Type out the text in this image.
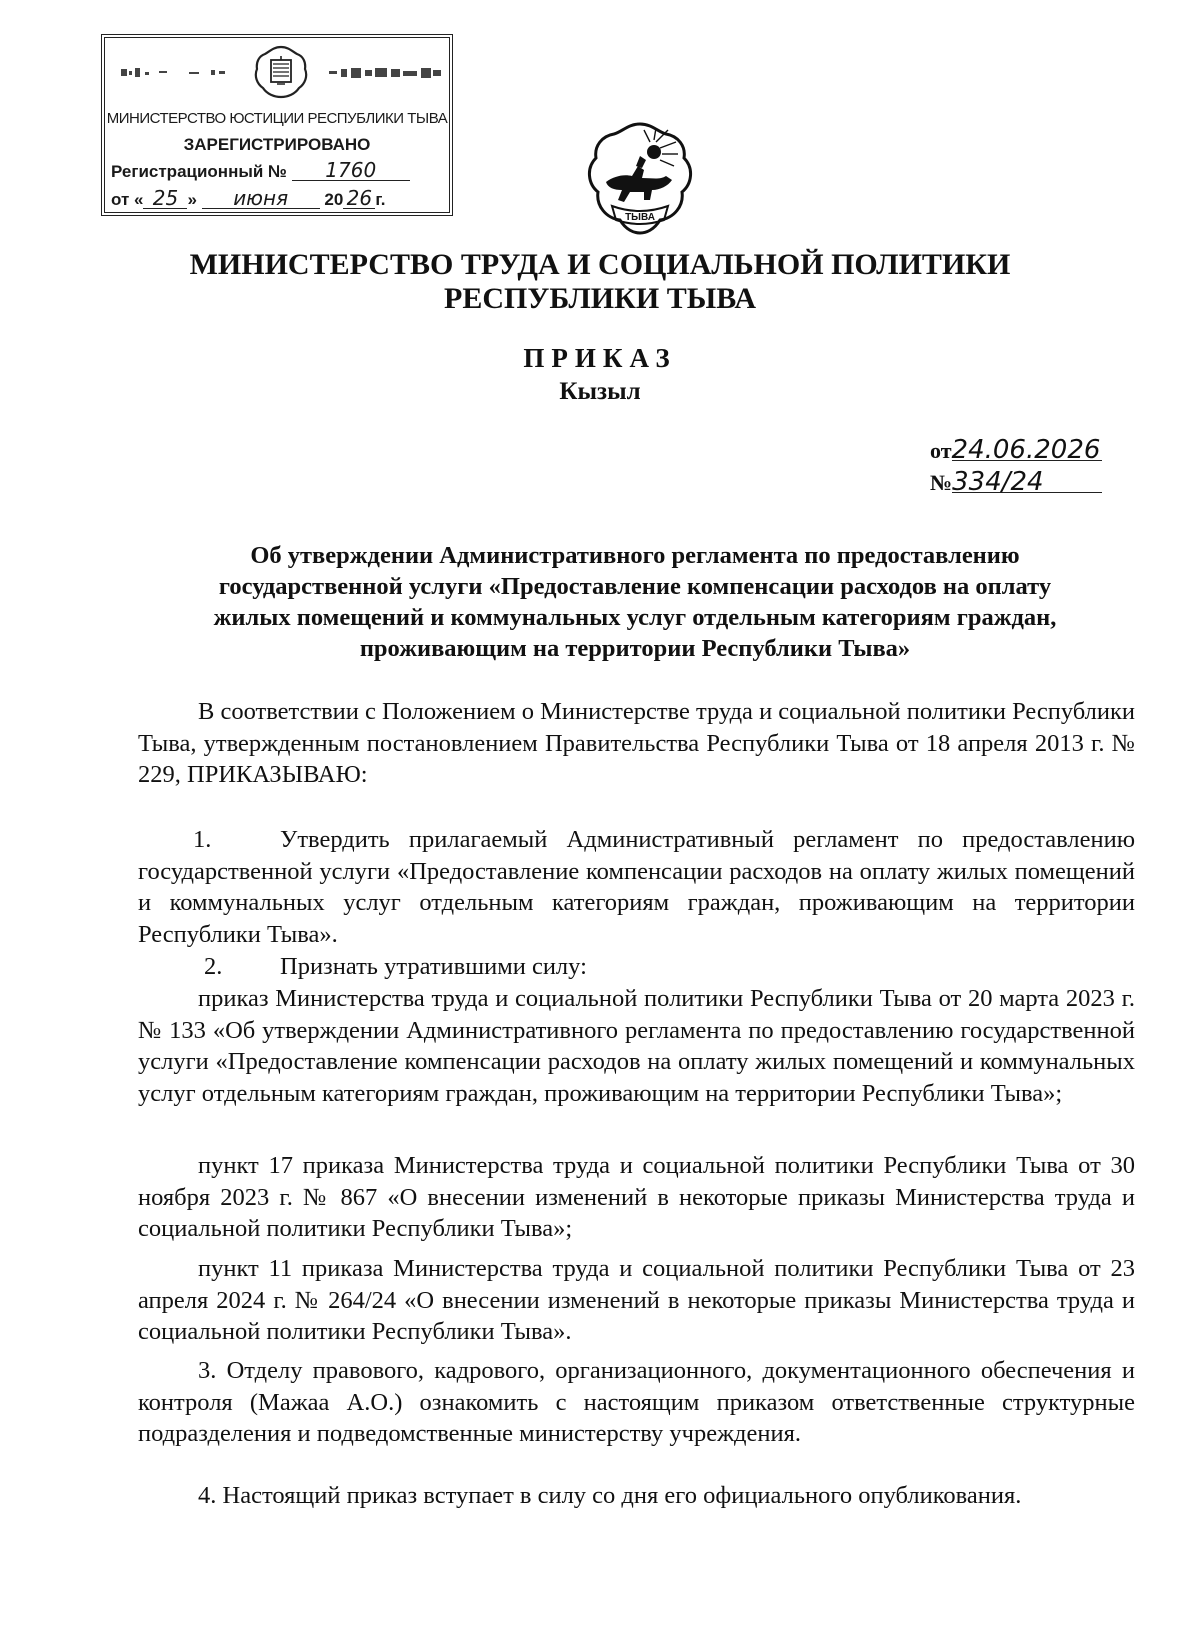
МИНИСТЕРСТВО ЮСТИЦИИ РЕСПУБЛИКИ ТЫВА
ЗАРЕГИСТРИРОВАНО
Регистрационный № 1760
от « 25 » июня 20 26 г.
ТЫВА
МИНИСТЕРСТВО ТРУДА И СОЦИАЛЬНОЙ ПОЛИТИКИ
РЕСПУБЛИКИ ТЫВА
ПРИКАЗ
Кызыл
от24.06.2026
№334/24
Об утверждении Административного регламента по предоставлению
государственной услуги «Предоставление компенсации расходов на оплату
жилых помещений и коммунальных услуг отдельным категориям граждан,
проживающим на территории Республики Тыва»
В соответствии с Положением о Министерстве труда и социальной политики Республики Тыва, утвержденным постановлением Правительства Республики Тыва от 18 апреля 2013 г. № 229, ПРИКАЗЫВАЮ:
1.	Утвердить прилагаемый Административный регламент по предоставлению государственной услуги «Предоставление компенсации расходов на оплату жилых помещений и коммунальных услуг отдельным категориям граждан, проживающим на территории Республики Тыва».
2. Признать утратившими силу:
приказ Министерства труда и социальной политики Республики Тыва от 20 марта 2023 г. № 133 «Об утверждении Административного регламента по предоставлению государственной услуги «Предоставление компенсации расходов на оплату жилых помещений и коммунальных услуг отдельным категориям граждан, проживающим на территории Республики Тыва»;
пункт 17 приказа Министерства труда и социальной политики Республики Тыва от 30 ноября 2023 г. № 867 «О внесении изменений в некоторые приказы Министерства труда и социальной политики Республики Тыва»;
пункт 11 приказа Министерства труда и социальной политики Республики Тыва от 23 апреля 2024 г. № 264/24 «О внесении изменений в некоторые приказы Министерства труда и социальной политики Республики Тыва».
3. Отделу правового, кадрового, организационного, документационного обеспечения и контроля (Мажаа А.О.) ознакомить с настоящим приказом ответственные структурные подразделения и подведомственные министерству учреждения.
4. Настоящий приказ вступает в силу со дня его официального опубликования.
